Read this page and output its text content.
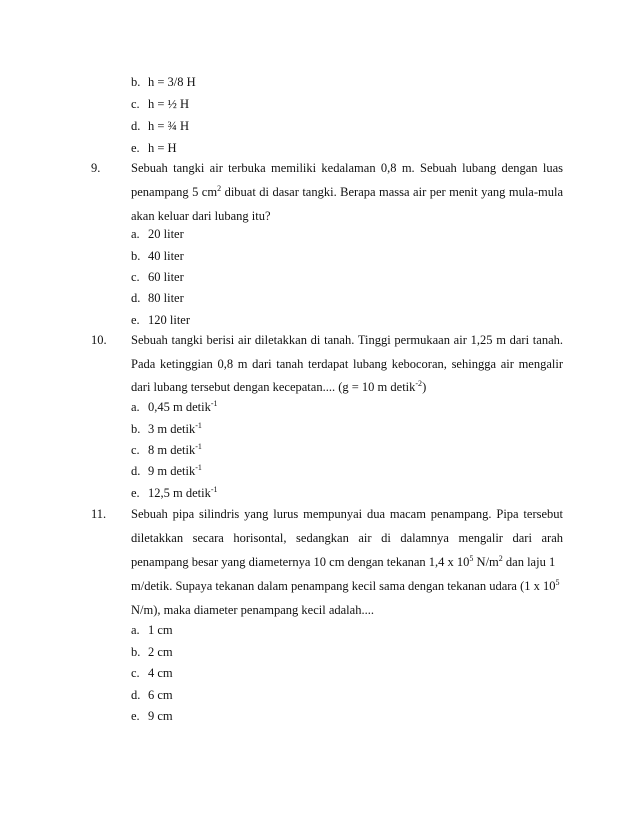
b. h = 3/8 H
c. h = ½ H
d. h = ¾ H
e. h = H
9. Sebuah tangki air terbuka memiliki kedalaman 0,8 m. Sebuah lubang dengan luas
penampang 5 $cm^2$ dibuat di dasar tangki. Berapa massa air per menit yang mula-mula
akan keluar dari lubang itu?
a. 20 liter
b. 40 liter
c. 60 liter
d. 80 liter
e. 120 liter
10. Sebuah tangki berisi air diletakkan di tanah. Tinggi permukaan air 1,25 m dari tanah.
Pada ketinggian 0,8 m dari tanah terdapat lubang kebocoran, sehingga air mengalir
dari lubang tersebut dengan kecepatan.... (g = 10 m detik$^{-2}$)
a. 0,45 m detik$^{-1}$
b. 3 m detik$^{-1}$
c. 8 m detik$^{-1}$
d. 9 m detik$^{-1}$
e. 12,5 m detik$^{-1}$
11. Sebuah pipa silindris yang lurus mempunyai dua macam penampang. Pipa tersebut
diletakkan secara horisontal, sedangkan air di dalamnya mengalir dari arah
penampang besar yang diameternya 10 cm dengan tekanan 1,4 x $10^5$ $N/m^2$ dan laju 1
m/detik. Supaya tekanan dalam penampang kecil sama dengan tekanan udara (1 x $10^5$
N/m), maka diameter penampang kecil adalah....
a. 1 cm
b. 2 cm
c. 4 cm
d. 6 cm
e. 9 cm
